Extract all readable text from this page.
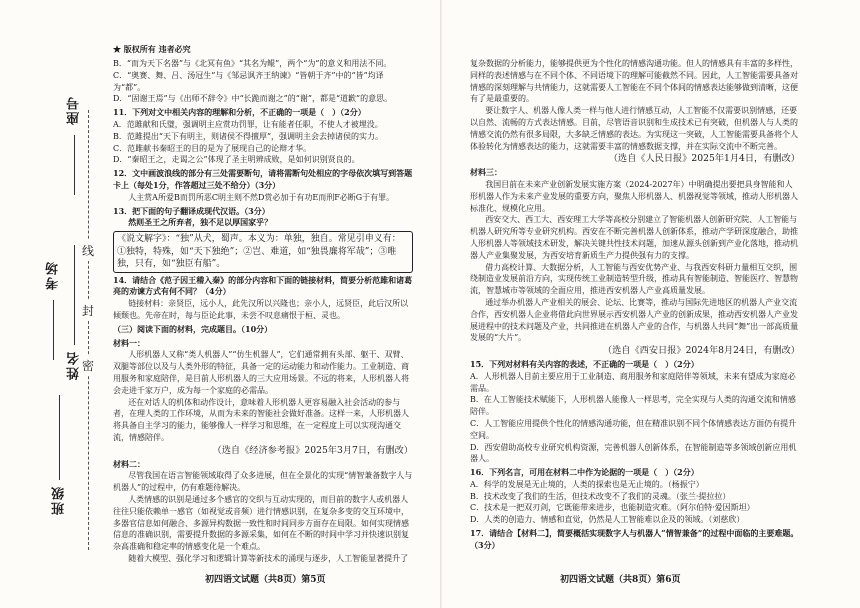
★ 版权所有 违者必究
座号
考场
姓名
班级
线
封
密

B．“而为天下名器”与《北冥有鱼》“其名为鲲”，两个“为”的意义和用法不同。

C．“奥赛、舞、吕、汤冠生”与《邹忌讽齐王纳谏》“皆朝于齐”中的“皆”均译为“都”。

D．“固谢王焉”与《出师不辞令》中“长跪而谢之”的“谢”，都是“道歉”的意思。

11．下列对文中相关内容的理解和分析，不正确的一项是（　）（2分）

A．范雎献和氏璧，强调明主应赏功罚罪，让有能者任职，不使人才被埋没。

B．范雎提出“天下有明主，则诸侯不得擅厚”，强调明主会去掉诸侯的实力。

C．范雎献书秦昭王的目的是为了展现自己的论辩才华。

D．“秦昭王之，走谒之公”体现了圣主明辨成败，是如何识别贤良的。

12．文中画波浪线的部分有三处需要断句，请将需断句处相应的字母依次填写到答题卡上（每处1分，作答超过三处不给分）（3分）

人主赏A所爱B而罚所恶C明主则不然D赏必加于有功E而刑F必断G于有罪。

13．把下面的句子翻译成现代汉语。（3分）

然则圣王之所弃者，独不足以厚国家乎？

《说文解字》：“独”从犬，蜀声。本义为：单独，独自。常见引申义有：①独特，特殊，如“天下独绝”；②岂、难道，如“独畏廉将军哉”；③唯独，只有，如“独臣有船”。

14．请结合《范子因王稽入秦》的部分内容和下面的链接材料，简要分析范雎和诸葛亮的劝谏方式有何不同？（4分）

链接材料：亲贤臣，远小人，此先汉所以兴隆也；亲小人，远贤臣，此后汉所以倾颓也。先帝在时，每与臣论此事，未尝不叹息痛恨于桓、灵也。

（三）阅读下面的材料，完成题目。（10分）

材料一：

人形机器人又称“类人机器人”“仿生机器人”，它们通常拥有头部、躯干、双臂、双腿等部位以及与人类外形的特征，具备一定的运动能力和动作能力。工业制造、商用服务和家庭陪伴，是目前人形机器人的三大应用场景。不远的将来，人形机器人将会走进千家万户，成为每一个家庭的必需品。

还在对话人的机体和动作设计，意味着人形机器人更容易融入社会活动的参与者，在理人类的工作环境，从而为未来的智能社会做好准备。这样一来，人形机器人将具备自主学习的能力，能够像人一样学习和思维，在一定程度上可以实现沟通交流，情感陪伴。

（选自《经济参考报》2025年3月7日，有删改）

材料二：

尽管我国在语言智能领域取得了众多进展，但在全景化的实现“情智兼备数字人与机器人”的过程中，仍有难题待解决。

人类情感的识别是通过多个感官的交织与互动实现的，而目前的数字人或机器人往往只能依赖单一感官（如视觉或音频）进行情感识别，在复杂多变的交互环境中，多器官信息如何融合、多源异构数据一致性和时间同步方面存在局限。如何实现情感信息的准确识别，需要提升数据的多源采集，如何在不断的时间中学习并快速识别复杂高准确和稳定率的情感变化是一个难点。

随着大模型、强化学习和逻辑计算等新技术的涌现与逐步，人工智能显著提升了

初四语文试题（共8页）第5页

复杂数据的分析能力，能够提供更为个性化的情感沟通功能。但人的情感具有丰富的多样性，同样的表述情感与在不同个体、不同语境下的理解可能截然不同。因此，人工智能需要具备对情感的深刻理解与共情能力，这就需要人工智能在不同个体间的情感表达能够做到清晰，这便有了是最重要的。

要让数字人、机器人像人类一样与他人进行情感互动，人工智能不仅需要识别情感，还要以自然、流畅的方式表达情感。目前，尽管语音识别和生成技术已有突破，但机器人与人类的情感交流仍然有很多局限，大多缺乏情感的表达。为实现这一突破，人工智能需要具备将个人体验转化为情感表达的能力，这就需要丰富的情感数据支撑，并在实际交流中不断完善。

（选自《人民日报》2025年1月4日，有删改）

材料三：

我国目前在未来产业创新发展实施方案（2024-2027年）中明确提出要把具身智能和人形机器人作为未来产业发展的重要方向，聚焦人形机器人、机器视觉等领域，推动人形机器人标准化、规模化应用。

西安交大、西工大、西安理工大学等高校分别建立了智能机器人创新研究院、人工智能与机器人研究所等专业研究机构。西安在不断完善机器人创新体系，推动产学研深度融合，助推人形机器人等领域技术研发，解决关键共性技术问题，加速从源头创新到产业化落地，推动机器人产业集聚发展，为西安培育新质生产力提供强有力的支撑。

借力高校计算、大数据分析，人工智能与西安优势产业、与我西安科研力量相互交织，围绕制造业发展前沿方向，实现传统工业制造转型升级，推动具有智能制造、智能医疗、智慧物流，智慧城市等领域的全面应用，推进西安机器人产业高质量发展。

通过举办机器人产业相关的展会、论坛、比赛等，推动与国际先进地区的机器人产业交流合作，西安机器人企业将借此向世界展示西安机器人产业的创新成果，推动西安机器人产业发展进程中的技术问题及产业，共同推进在机器人产业的合作，与机器人共同“舞”出一部高质量发展的“大片”。

（选自《西安日报》2024年8月24日，有删改）

15．下列对材料有关内容的表述，不正确的一项是（　）（2分）

A．人形机器人目前主要应用于工业制造、商用服务和家庭陪伴等领域，未来有望成为家庭必需品。

B．在人工智能技术赋能下，人形机器人能像人一样思考，完全实现与人类的沟通交流和情感陪伴。

C．人工智能应用提供个性化的情感沟通功能，但在精准识别不同个体情感表达方面仍有提升空间。

D．西安借助高校专业研究机构资源，完善机器人创新体系，在智能制造等多领域创新应用机器人。

16．下列名言，可用在材料二中作为论据的一项是（　）（2分）

A．科学的发展是无止境的，人类的探索也是无止境的。（杨振宁）

B．技术改变了我们的生活，但技术改变不了我们的灵魂。（张兰·提拉拉）

C．技术是一把双刃剑，它既能带来进步，也能制造灾难。（阿尔伯特·爱因斯坦）

D．人类的创造力、情感和直觉，仍然是人工智能难以企及的领域。（刘慈欣）

17．请结合【材料二】，简要概括实现数字人与机器人“情智兼备”的过程中面临的主要难题。（3分）

初四语文试题（共8页）第6页
